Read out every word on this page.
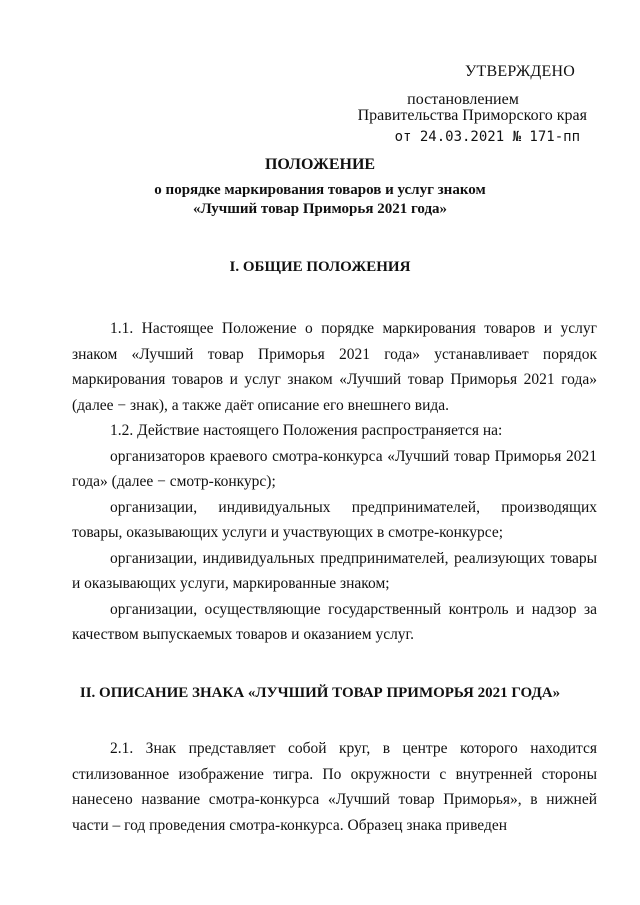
УТВЕРЖДЕНО
постановлением
Правительства Приморского края
от 24.03.2021 № 171-пп
ПОЛОЖЕНИЕ
о порядке маркирования товаров и услуг знаком
«Лучший товар Приморья 2021 года»
I. ОБЩИЕ ПОЛОЖЕНИЯ

1.1. Настоящее Положение о порядке маркирования товаров и услуг знаком «Лучший товар Приморья 2021 года» устанавливает порядок маркирования товаров и услуг знаком «Лучший товар Приморья 2021 года» (далее − знак), а также даёт описание его внешнего вида.

1.2. Действие настоящего Положения распространяется на:

организаторов краевого смотра-конкурса «Лучший товар Приморья 2021 года» (далее − смотр-конкурс);

организации, индивидуальных предпринимателей, производящих товары, оказывающих услуги и участвующих в смотре-конкурсе;

организации, индивидуальных предпринимателей, реализующих товары и оказывающих услуги, маркированные знаком;

организации, осуществляющие государственный контроль и надзор за качеством выпускаемых товаров и оказанием услуг.

II. ОПИСАНИЕ ЗНАКА «ЛУЧШИЙ ТОВАР ПРИМОРЬЯ 2021 ГОДА»

2.1. Знак представляет собой круг, в центре которого находится стилизованное изображение тигра. По окружности с внутренней стороны нанесено название смотра-конкурса «Лучший товар Приморья», в нижней части – год проведения смотра-конкурса. Образец знака приведен
